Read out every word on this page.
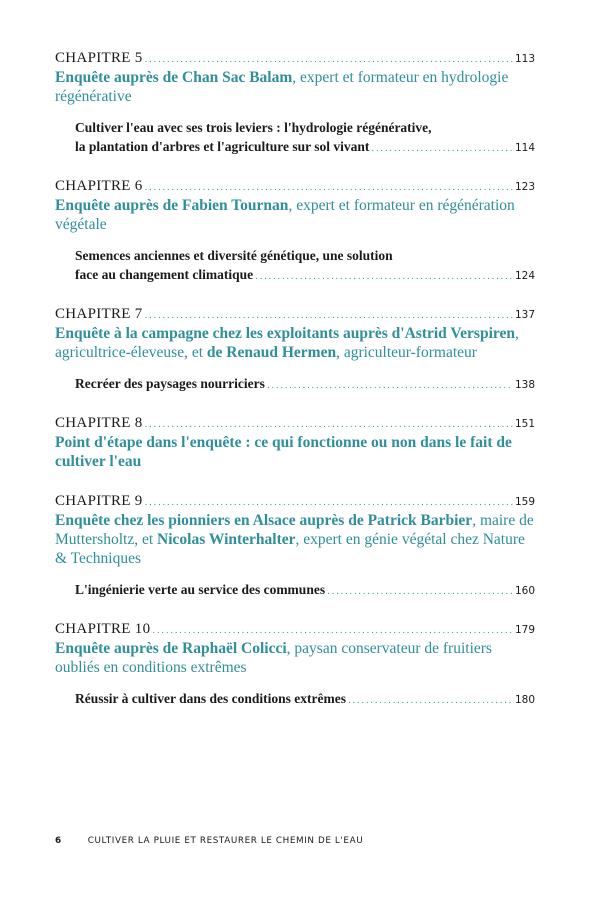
CHAPITRE 5 .....	113
Enquête auprès de Chan Sac Balam, expert et formateur en hydrologie régénérative
Cultiver l'eau avec ses trois leviers : l'hydrologie régénérative,
la plantation d'arbres et l'agriculture sur sol vivant .....	114
CHAPITRE 6 .....	123
Enquête auprès de Fabien Tournan, expert et formateur en régénération végétale
Semences anciennes et diversité génétique, une solution
face au changement climatique .....	124
CHAPITRE 7 .....	137
Enquête à la campagne chez les exploitants auprès d'Astrid Verspiren, agricultrice-éleveuse, et de Renaud Hermen, agriculteur-formateur
Recréer des paysages nourriciers .....	138
CHAPITRE 8 .....	151
Point d'étape dans l'enquête : ce qui fonctionne ou non dans le fait de cultiver l'eau
CHAPITRE 9 .....	159
Enquête chez les pionniers en Alsace auprès de Patrick Barbier, maire de Muttersholtz, et Nicolas Winterhalter, expert en génie végétal chez Nature & Techniques
L'ingénierie verte au service des communes .....	160
CHAPITRE 10 .....	179
Enquête auprès de Raphaël Colicci, paysan conservateur de fruitiers oubliés en conditions extrêmes
Réussir à cultiver dans des conditions extrêmes .....	180
6	CULTIVER LA PLUIE ET RESTAURER LE CHEMIN DE L'EAU
